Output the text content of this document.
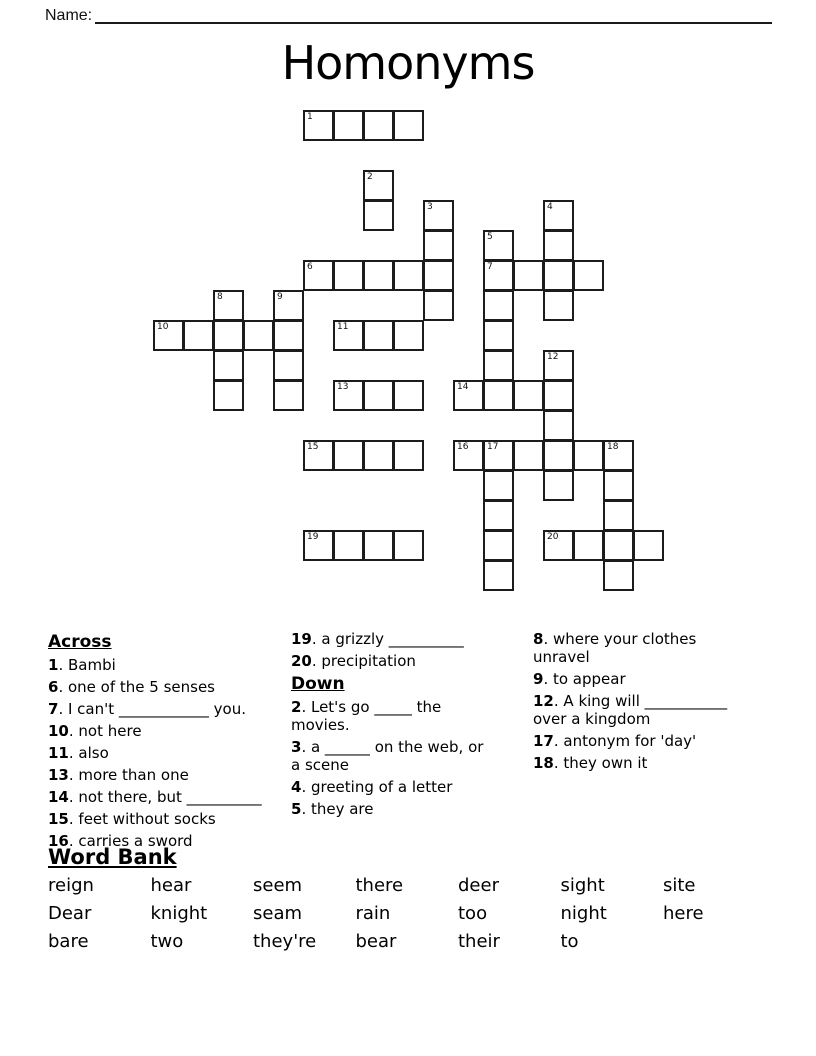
Name:
Homonyms
1
2
3	4
5
7
6
8	9
10	11
12
13	14
15	16 17	18
19	20
Across
1. Bambi
6. one of the 5 senses
7. I can't ____________ you.
10. not here
11. also
13. more than one
14. not there, but __________
15. feet without socks
16. carries a sword
19. a grizzly __________
20. precipitation
Down
2. Let's go _____ the movies.
3. a ______ on the web, or a scene
4. greeting of a letter
5. they are
8. where your clothes unravel
9. to appear
12. A king will ___________ over a kingdom
17. antonym for 'day'
18. they own it
Word Bank
reign	hear	seem	there	deer	sight	site
Dear	knight	seam	rain	too	night	here
bare	two	they're	bear	their	to
